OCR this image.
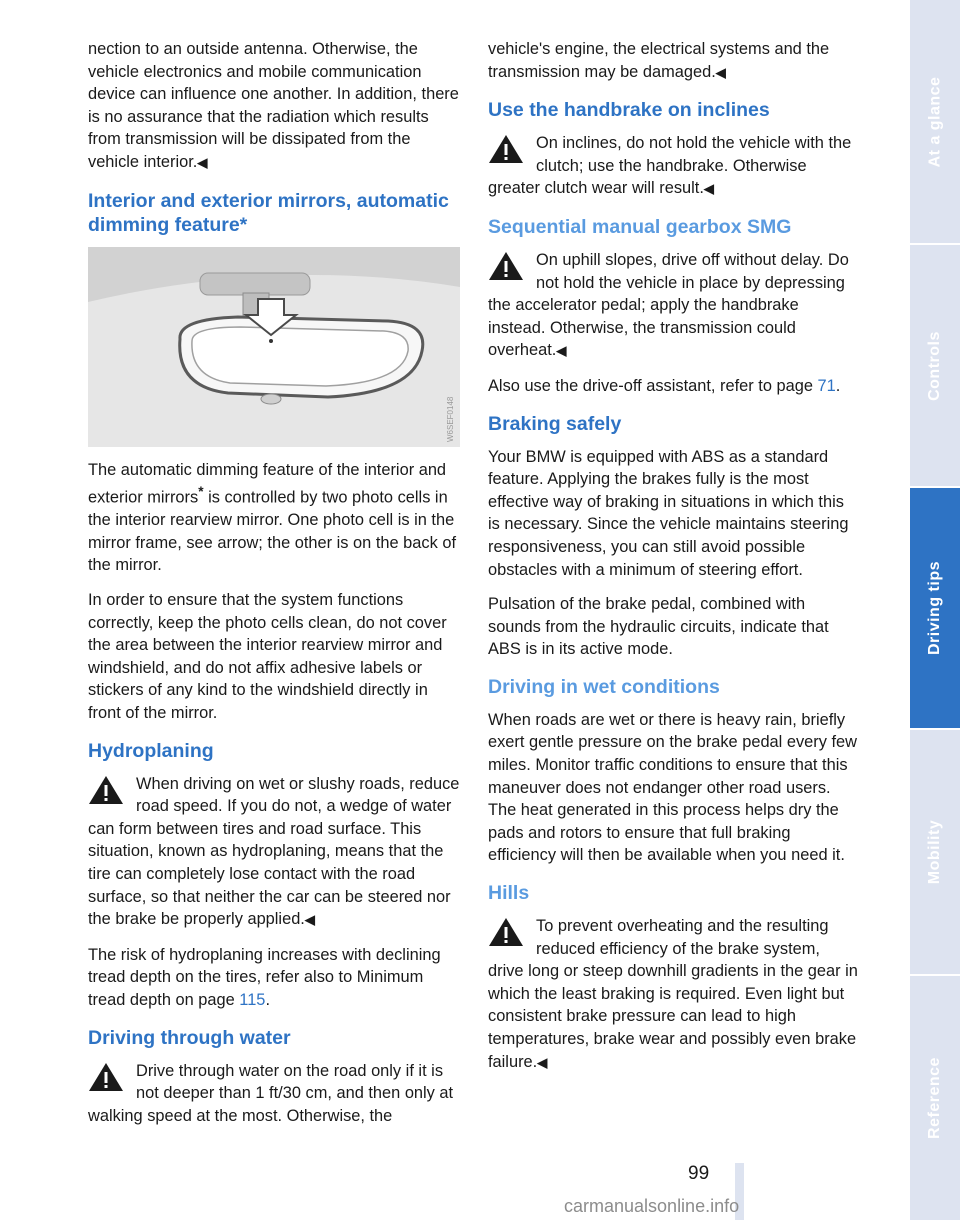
nection to an outside antenna. Otherwise, the vehicle electronics and mobile communication device can influence one another. In addition, there is no assurance that the radiation which results from transmission will be dissipated from the vehicle interior.◀

Interior and exterior mirrors, automatic dimming feature*
W6SEF0148

The automatic dimming feature of the interior and exterior mirrors* is controlled by two photo cells in the interior rearview mirror. One photo cell is in the mirror frame, see arrow; the other is on the back of the mirror.

In order to ensure that the system functions correctly, keep the photo cells clean, do not cover the area between the interior rearview mirror and windshield, and do not affix adhesive labels or stickers of any kind to the windshield directly in front of the mirror.

Hydroplaning

When driving on wet or slushy roads, reduce road speed. If you do not, a wedge of water can form between tires and road surface. This situation, known as hydroplaning, means that the tire can completely lose contact with the road surface, so that neither the car can be steered nor the brake be properly applied.◀

The risk of hydroplaning increases with declining tread depth on the tires, refer also to Minimum tread depth on page 115.

Driving through water

Drive through water on the road only if it is not deeper than 1 ft/30 cm, and then only at walking speed at the most. Otherwise, the

vehicle's engine, the electrical systems and the transmission may be damaged.◀

Use the handbrake on inclines

On inclines, do not hold the vehicle with the clutch; use the handbrake. Otherwise greater clutch wear will result.◀

Sequential manual gearbox SMG

On uphill slopes, drive off without delay. Do not hold the vehicle in place by depressing the accelerator pedal; apply the handbrake instead. Otherwise, the transmission could overheat.◀

Also use the drive-off assistant, refer to page 71.

Braking safely

Your BMW is equipped with ABS as a standard feature. Applying the brakes fully is the most effective way of braking in situations in which this is necessary. Since the vehicle maintains steering responsiveness, you can still avoid possible obstacles with a minimum of steering effort.

Pulsation of the brake pedal, combined with sounds from the hydraulic circuits, indicate that ABS is in its active mode.

Driving in wet conditions

When roads are wet or there is heavy rain, briefly exert gentle pressure on the brake pedal every few miles. Monitor traffic conditions to ensure that this maneuver does not endanger other road users. The heat generated in this process helps dry the pads and rotors to ensure that full braking efficiency will then be available when you need it.

Hills

To prevent overheating and the resulting reduced efficiency of the brake system, drive long or steep downhill gradients in the gear in which the least braking is required. Even light but consistent brake pressure can lead to high temperatures, brake wear and possibly even brake failure.◀

At a glance
Controls
Driving tips
Mobility
Reference
99
carmanualsonline.info
